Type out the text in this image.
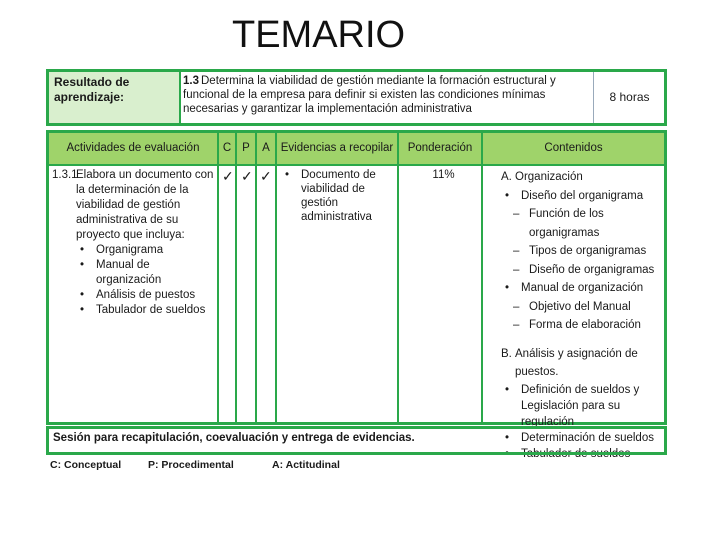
TEMARIO
Resultado de aprendizaje:
1.3 Determina la viabilidad de gestión mediante la formación estructural y funcional de la empresa para definir si existen las condiciones mínimas necesarias y garantizar la implementación administrativa
8 horas
Actividades de evaluación	C P	A Evidencias a recopilar	Ponderación	Contenidos
1.3.1
Elabora un documento con la determinación de la viabilidad de gestión administrativa de su proyecto que incluya:
• Organigrama
• Manual de organización
• Análisis de puestos
• Tabulador de sueldos
✓ ✓ ✓
•	Documento de viabilidad de gestión administrativa
11%	A. Organización
• Diseño del organigrama
– Función de los organigramas
– Tipos de organigramas
– Diseño de organigramas
• Manual de organización
– Objetivo del Manual
– Forma de elaboración
B. Análisis y asignación de puestos.
• Definición de sueldos y Legislación para su regulación
• Determinación de sueldos
• Tabulador de sueldos
Sesión para recapitulación, coevaluación y entrega de evidencias.
C: Conceptual	P: Procedimental	A: Actitudinal
